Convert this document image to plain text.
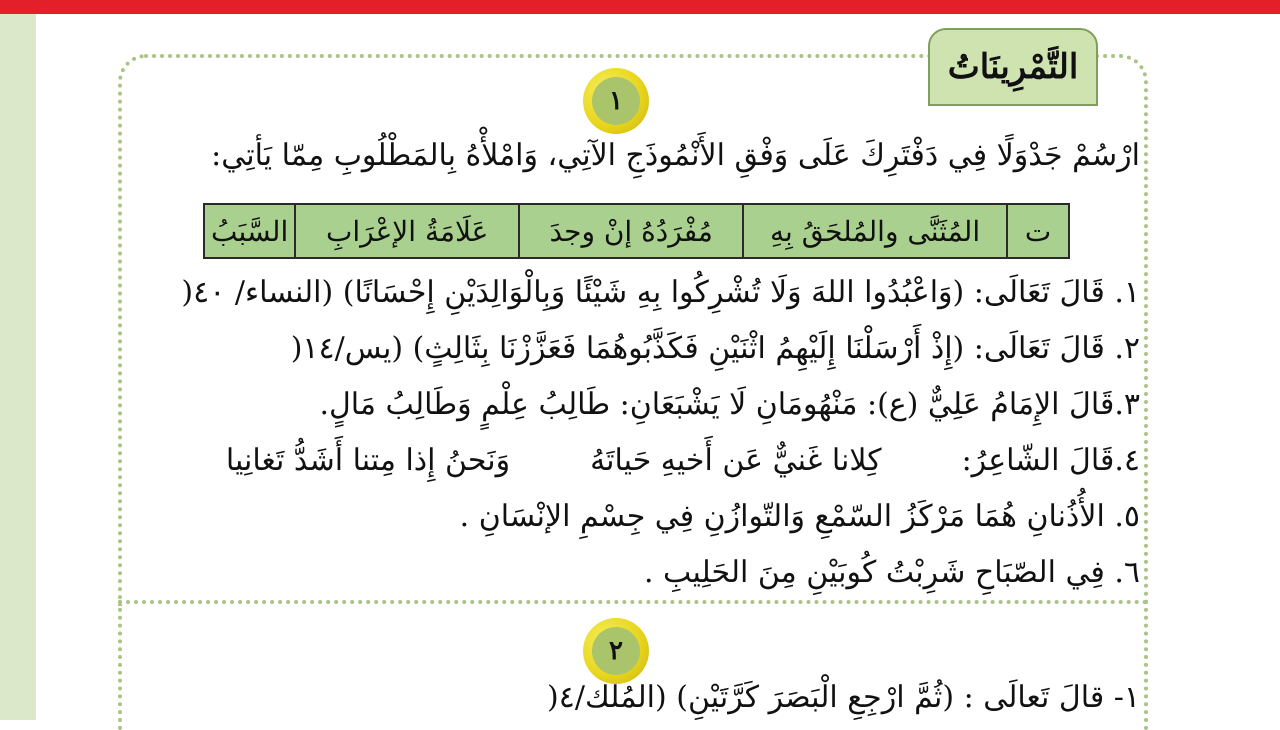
التَّمْرِينَاتُ
١
ارْسُمْ جَدْوَلًا فِي دَفْتَرِكَ عَلَى وَفْقِ الأَنْمُوذَجِ الآتِي، وَامْلأْهُ بِالمَطْلُوبِ مِمّا يَأتِي:
ت	المُثَنَّى والمُلحَقُ بِهِ	مُفْرَدُهُ إنْ وجدَ	عَلَامَةُ الإعْرَابِ	السَّبَبُ
١. قَالَ تَعَالَى: (وَاعْبُدُوا اللهَ وَلَا تُشْرِكُوا بِهِ شَيْئًا وَبِالْوَالِدَيْنِ إِحْسَانًا) (النساء/ ٤٠(
٢. قَالَ تَعَالَى: (إِذْ أَرْسَلْنَا إِلَيْهِمُ اثْنَيْنِ فَكَذَّبُوهُمَا فَعَزَّزْنَا بِثَالِثٍ) (يس/١٤(
٣.قَالَ الإِمَامُ عَلِيٌّ (ع): مَنْهُومَانِ لَا يَشْبَعَانِ: طَالِبُ عِلْمٍ وَطَالِبُ مَالٍ.
٤.قَالَ الشّاعِرُ:
كِلانا غَنيٌّ عَن أَخيهِ حَياتَهُ
وَنَحنُ إِذا مِتنا أَشَدُّ تَغانِيا
٥. الأُذُنانِ هُمَا مَرْكَزُ السّمْعِ وَالتّوازُنِ فِي جِسْمِ الإنْسَانِ .
٦. فِي الصّبَاحِ شَرِبْتُ كُوبَيْنِ مِنَ الحَلِيبِ .
٢
١- قالَ تَعالَى : (ثُمَّ ارْجِعِ الْبَصَرَ كَرَّتَيْنِ) (المُلك/٤(
